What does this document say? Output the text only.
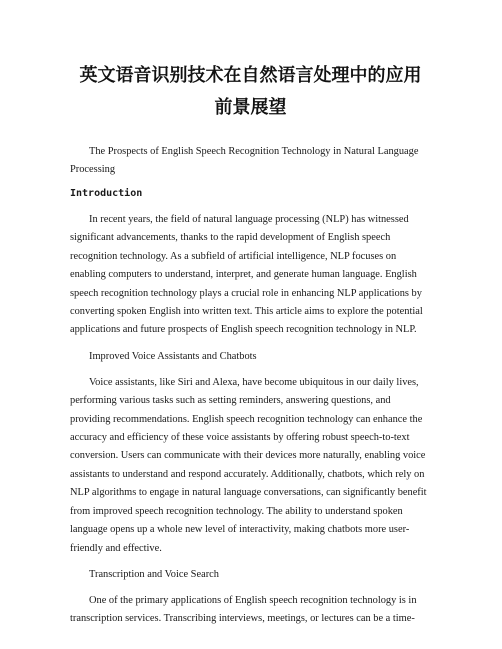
英文语音识别技术在自然语言处理中的应用
前景展望

The Prospects of English Speech Recognition Technology in Natural Language Processing

Introduction

In recent years, the field of natural language processing (NLP) has witnessed significant advancements, thanks to the rapid development of English speech recognition technology. As a subfield of artificial intelligence, NLP focuses on enabling computers to understand, interpret, and generate human language. English speech recognition technology plays a crucial role in enhancing NLP applications by converting spoken English into written text. This article aims to explore the potential applications and future prospects of English speech recognition technology in NLP.

Improved Voice Assistants and Chatbots

Voice assistants, like Siri and Alexa, have become ubiquitous in our daily lives, performing various tasks such as setting reminders, answering questions, and providing recommendations. English speech recognition technology can enhance the accuracy and efficiency of these voice assistants by offering robust speech-to-text conversion. Users can communicate with their devices more naturally, enabling voice assistants to understand and respond accurately. Additionally, chatbots, which rely on NLP algorithms to engage in natural language conversations, can significantly benefit from improved speech recognition technology. The ability to understand spoken language opens up a whole new level of interactivity, making chatbots more user-friendly and effective.

Transcription and Voice Search

One of the primary applications of English speech recognition technology is in transcription services. Transcribing interviews, meetings, or lectures can be a time-
